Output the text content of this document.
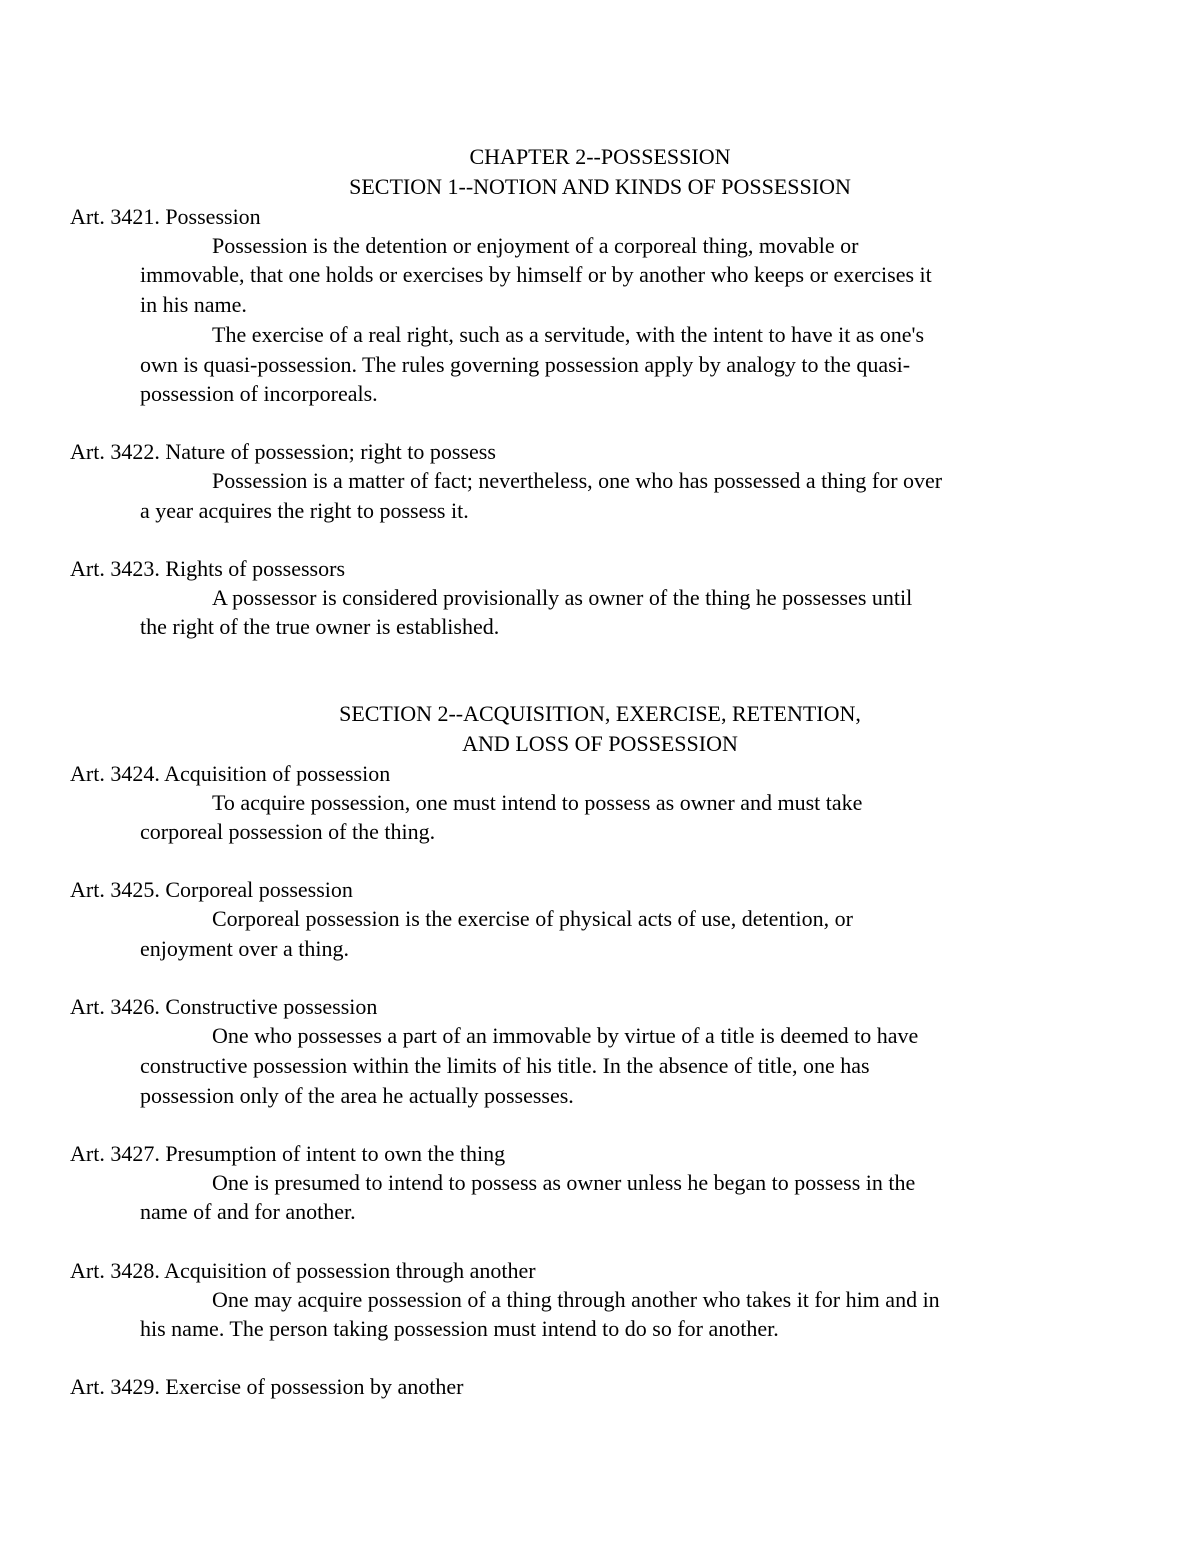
CHAPTER 2--POSSESSION
SECTION 1--NOTION AND KINDS OF POSSESSION
Art. 3421. Possession
Possession is the detention or enjoyment of a corporeal thing, movable or
immovable, that one holds or exercises by himself or by another who keeps or exercises it
in his name.
The exercise of a real right, such as a servitude, with the intent to have it as one's
own is quasi-possession. The rules governing possession apply by analogy to the quasi-
possession of incorporeals.
Art. 3422. Nature of possession; right to possess
Possession is a matter of fact; nevertheless, one who has possessed a thing for over
a year acquires the right to possess it.
Art. 3423. Rights of possessors
A possessor is considered provisionally as owner of the thing he possesses until
the right of the true owner is established.
SECTION 2--ACQUISITION, EXERCISE, RETENTION,
AND LOSS OF POSSESSION
Art. 3424. Acquisition of possession
To acquire possession, one must intend to possess as owner and must take
corporeal possession of the thing.
Art. 3425. Corporeal possession
Corporeal possession is the exercise of physical acts of use, detention, or
enjoyment over a thing.
Art. 3426. Constructive possession
One who possesses a part of an immovable by virtue of a title is deemed to have
constructive possession within the limits of his title. In the absence of title, one has
possession only of the area he actually possesses.
Art. 3427. Presumption of intent to own the thing
One is presumed to intend to possess as owner unless he began to possess in the
name of and for another.
Art. 3428. Acquisition of possession through another
One may acquire possession of a thing through another who takes it for him and in
his name. The person taking possession must intend to do so for another.
Art. 3429. Exercise of possession by another
